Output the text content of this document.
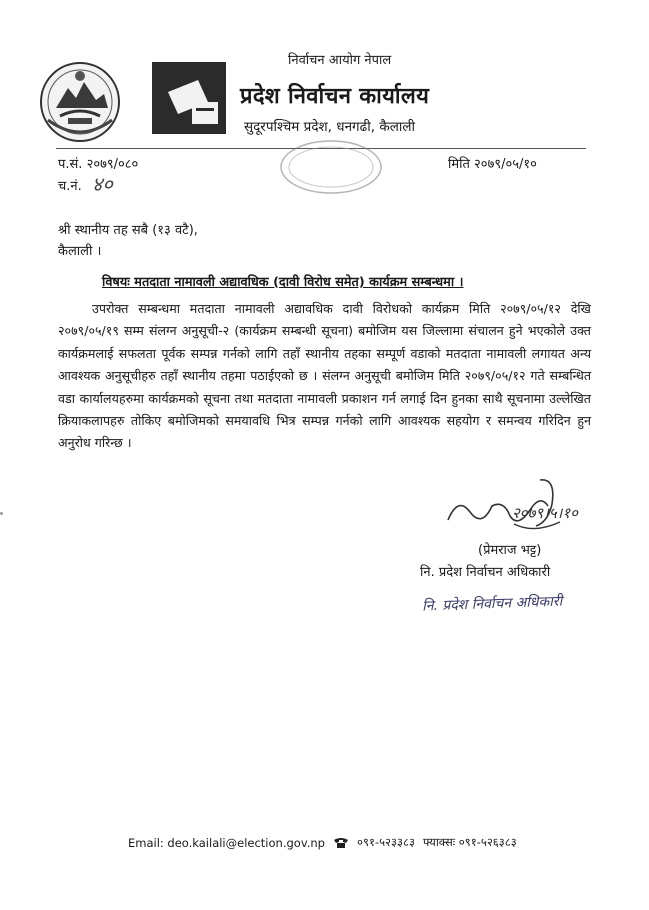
निर्वाचन आयोग नेपाल
प्रदेश निर्वाचन कार्यालय
सुदूरपश्चिम प्रदेश, धनगढी, कैलाली
प.सं. २०७९/०८०	मिति २०७९/०५/१०
च.नं. ४०
श्री स्थानीय तह सबै (१३ वटै),
कैलाली ।
विषयः मतदाता नामावली अद्यावधिक (दावी विरोध समेत) कार्यक्रम सम्बन्धमा ।
उपरोक्त सम्बन्धमा मतदाता नामावली अद्यावधिक दावी विरोधको कार्यक्रम मिति २०७९/०५/१२ देखि २०७९/०५/१९ सम्म संलग्न अनुसूची-२ (कार्यक्रम सम्बन्धी सूचना) बमोजिम यस जिल्लामा संचालन हुने भएकोले उक्त कार्यक्रमलाई सफलता पूर्वक सम्पन्न गर्नको लागि तहाँ स्थानीय तहका सम्पूर्ण वडाको मतदाता नामावली लगायत अन्य आवश्यक अनुसूचीहरु तहाँ स्थानीय तहमा पठाईएको छ । संलग्न अनुसूची बमोजिम मिति २०७९/०५/१२ गते सम्बन्धित वडा कार्यालयहरुमा कार्यक्रमको सूचना तथा मतदाता नामावली प्रकाशन गर्न लगाई दिन हुनका साथै सूचनामा उल्लेखित क्रियाकलापहरु तोकिए बमोजिमको समयावधि भित्र सम्पन्न गर्नको लागि आवश्यक सहयोग र समन्वय गरिदिन हुन अनुरोध गरिन्छ ।
२०७९।५।१०
(प्रेमराज भट्ट)
नि. प्रदेश निर्वाचन अधिकारी
नि. प्रदेश निर्वाचन अधिकारी
Email: deo.kailali@election.gov.np	०९१-५२३३८३ फ्याक्सः ०९१-५२६३८३
